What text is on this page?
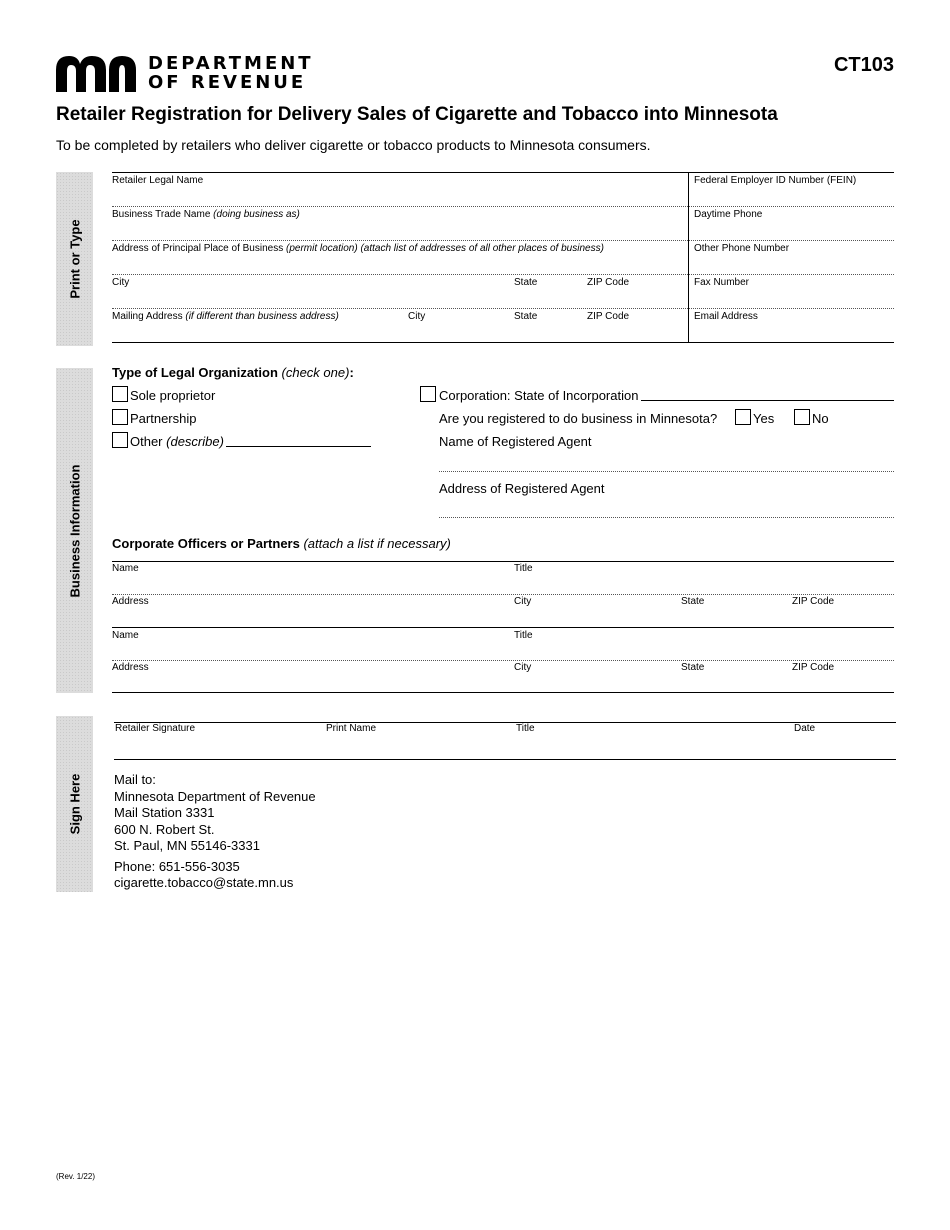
DEPARTMENT
OF REVENUE
CT103
Retailer Registration for Delivery Sales of Cigarette and Tobacco into Minnesota
To be completed by retailers who deliver cigarette or tobacco products to Minnesota consumers.
Print or Type
Business Information
Sign Here
Retailer Legal Name	Federal Employer ID Number (FEIN)
Business Trade Name (doing business as)	Daytime Phone
Address of Principal Place of Business (permit location) (attach list of addresses of all other places of business)	Other Phone Number
City	State	ZIP Code	Fax Number
Mailing Address (if different than business address)	City	State	ZIP Code	Email Address
Type of Legal Organization (check one):
Sole proprietor
Partnership
Other (describe)
Corporation: State of Incorporation
Are you registered to do business in Minnesota?	Yes	No
Name of Registered Agent
Address of Registered Agent
Corporate Officers or Partners (attach a list if necessary)
Name	Title
Address	City	State	ZIP Code
Name	Title
Address	City	State	ZIP Code
Retailer Signature	Print Name	Title	Date
Mail to:
Minnesota Department of Revenue
Mail Station 3331
600 N. Robert St.
St. Paul, MN 55146-3331
Phone: 651-556-3035
cigarette.tobacco@state.mn.us
(Rev. 1/22)
